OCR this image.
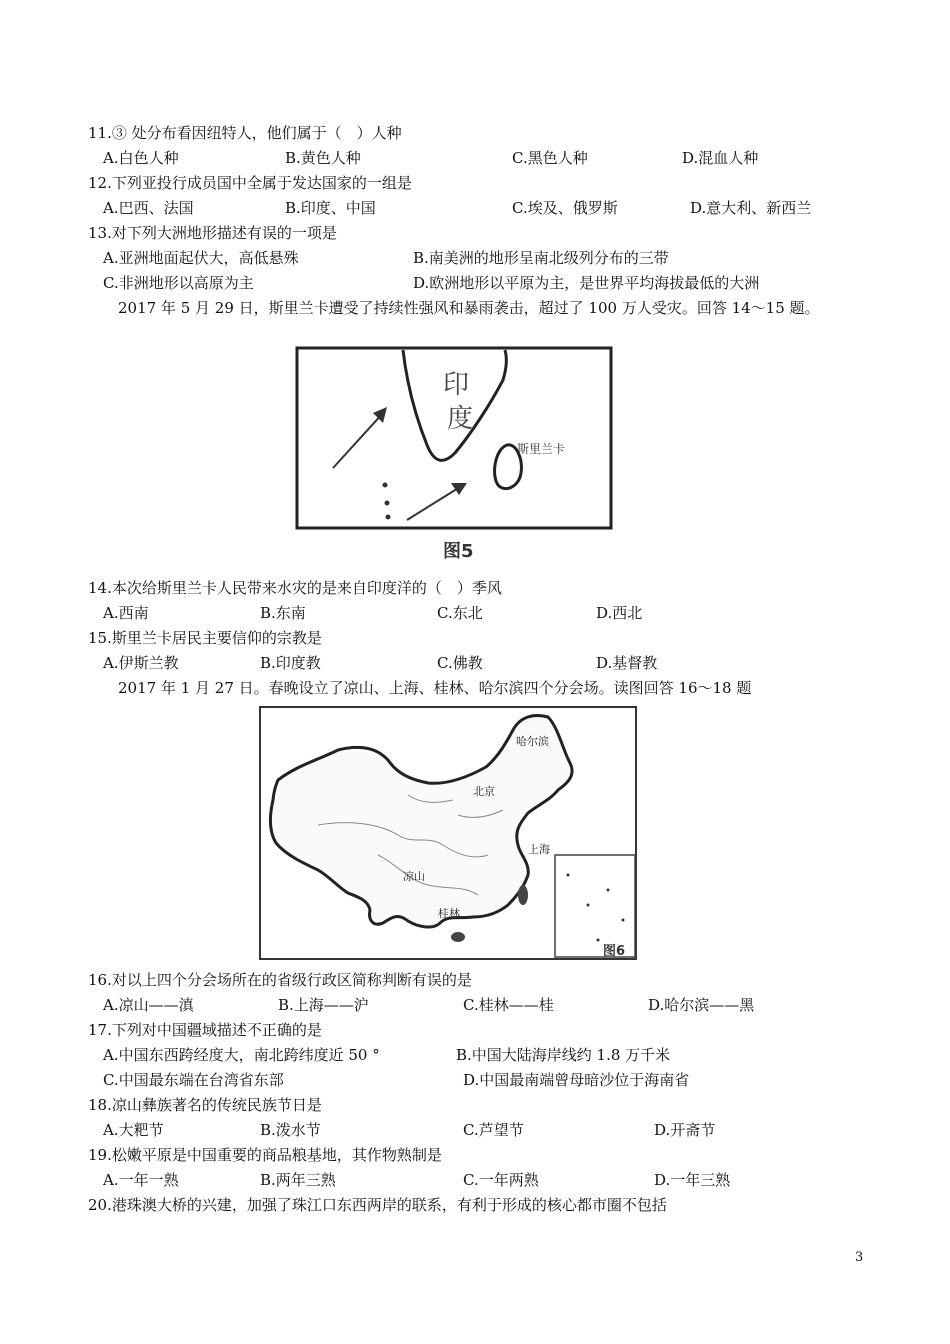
11.③ 处分布看因纽特人，他们属于（　）人种
A.白色人种	B.黄色人种	C.黑色人种	D.混血人种
12.下列亚投行成员国中全属于发达国家的一组是
A.巴西、法国	B.印度、中国	C.埃及、俄罗斯	D.意大利、新西兰
13.对下列大洲地形描述有误的一项是
A.亚洲地面起伏大，高低悬殊	B.南美洲的地形呈南北级列分布的三带
C.非洲地形以高原为主	D.欧洲地形以平原为主，是世界平均海拔最低的大洲
2017 年 5 月 29 日，斯里兰卡遭受了持续性强风和暴雨袭击，超过了 100 万人受灾。回答 14～15 题。
印
度
斯里兰卡
图5
14.本次给斯里兰卡人民带来水灾的是来自印度洋的（　）季风
A.西南	B.东南	C.东北	D.西北
15.斯里兰卡居民主要信仰的宗教是
A.伊斯兰教	B.印度教	C.佛教	D.基督教
2017 年 1 月 27 日。春晚设立了凉山、上海、桂林、哈尔滨四个分会场。读图回答 16～18 题
哈尔滨
北京
上海
凉山
桂林
图6
16.对以上四个分会场所在的省级行政区简称判断有误的是
A.凉山——滇	B.上海——沪	C.桂林——桂	D.哈尔滨——黑
17.下列对中国疆域描述不正确的是
A.中国东西跨经度大，南北跨纬度近 50 °	B.中国大陆海岸线约 1.8 万千米
C.中国最东端在台湾省东部	D.中国最南端曾母暗沙位于海南省
18.凉山彝族著名的传统民族节日是
A.大粑节	B.泼水节	C.芦望节	D.开斋节
19.松嫩平原是中国重要的商品粮基地，其作物熟制是
A.一年一熟	B.两年三熟	C.一年两熟	D.一年三熟
20.港珠澳大桥的兴建，加强了珠江口东西两岸的联系，有利于形成的核心都市圈不包括
3
